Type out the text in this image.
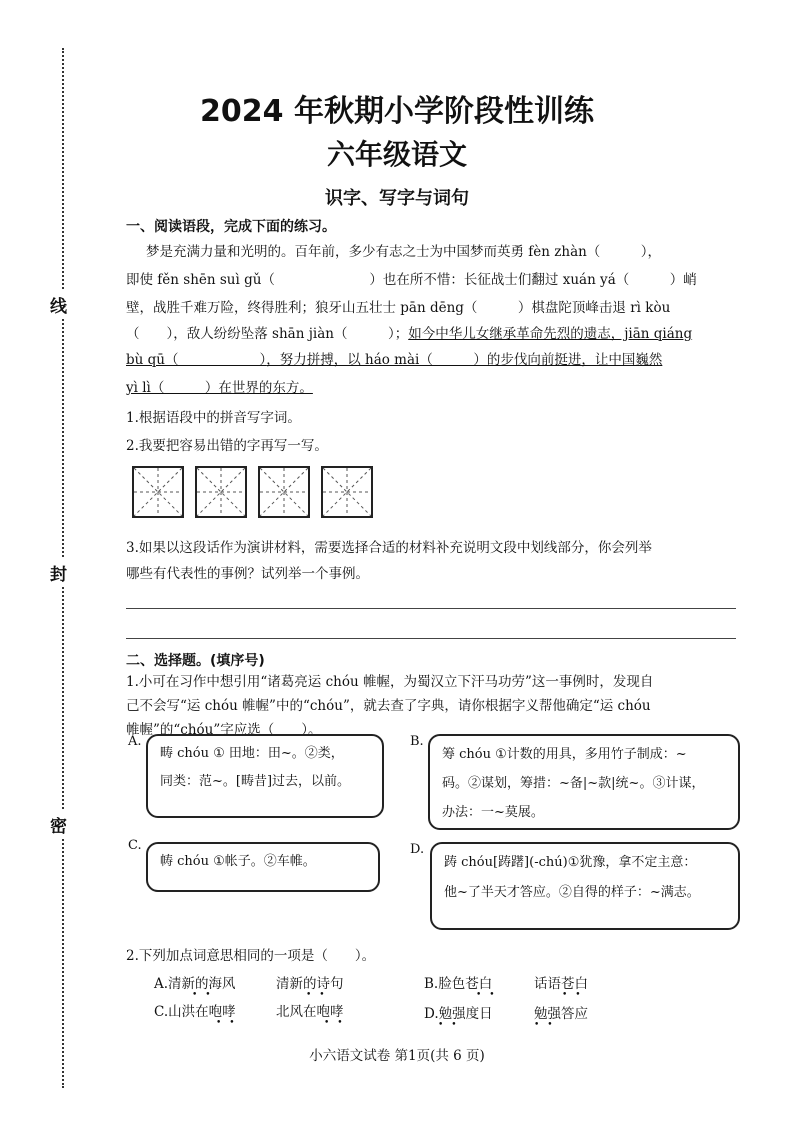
线
封
密
2024 年秋期小学阶段性训练
六年级语文
识字、写字与词句
一、阅读语段，完成下面的练习。
梦是充满力量和光明的。百年前，多少有志之士为中国梦而英勇 fèn zhàn（　　　），
即使 fěn shēn suì gǔ（　　　　　　　）也在所不惜：长征战士们翻过 xuán yá（　　　）峭
壁，战胜千难万险，终得胜利；狼牙山五壮士 pān dēng（　　　）棋盘陀顶峰击退 rì kòu
（　　），敌人纷纷坠落 shān jiàn（　　　）；如今中华儿女继承革命先烈的遗志，jiān qiáng
bù qū（　　　　　　），努力拼搏，以 háo mài（　　　）的步伐向前挺进，让中国巍然
yì lì（　　　）在世界的东方。
1.根据语段中的拼音写字词。
2.我要把容易出错的字再写一写。
3.如果以这段话作为演讲材料，需要选择合适的材料补充说明文段中划线部分，你会列举
哪些有代表性的事例？试列举一个事例。
二、选择题。(填序号)
1.小可在习作中想引用“诸葛亮运 chóu 帷幄，为蜀汉立下汗马功劳”这一事例时，发现自
己不会写“运 chóu 帷幄”中的“chóu”，就去查了字典，请你根据字义帮他确定“运 chóu
帷幄”的“chóu”字应选（　　）。
A.
畴 chóu ① 田地：田~。②类，
同类：范~。[畴昔]过去，以前。
B.
筹 chóu ①计数的用具，多用竹子制成：~
码。②谋划，筹措：~备|~款|统~。③计谋，
办法：一~莫展。
C.
帱 chóu ①帐子。②车帷。
D.
踌 chóu[踌躇](-chú)①犹豫，拿不定主意：
他~了半天才答应。②自得的样子：~满志。
2.下列加点词意思相同的一项是（　　）。
A.清新的海风	清新的诗句	B.脸色苍白	话语苍白
C.山洪在咆哮	北风在咆哮	D.勉强度日	勉强答应
••	••	••	••
••	••	••	••
小六语文试卷 第1页(共 6 页)
